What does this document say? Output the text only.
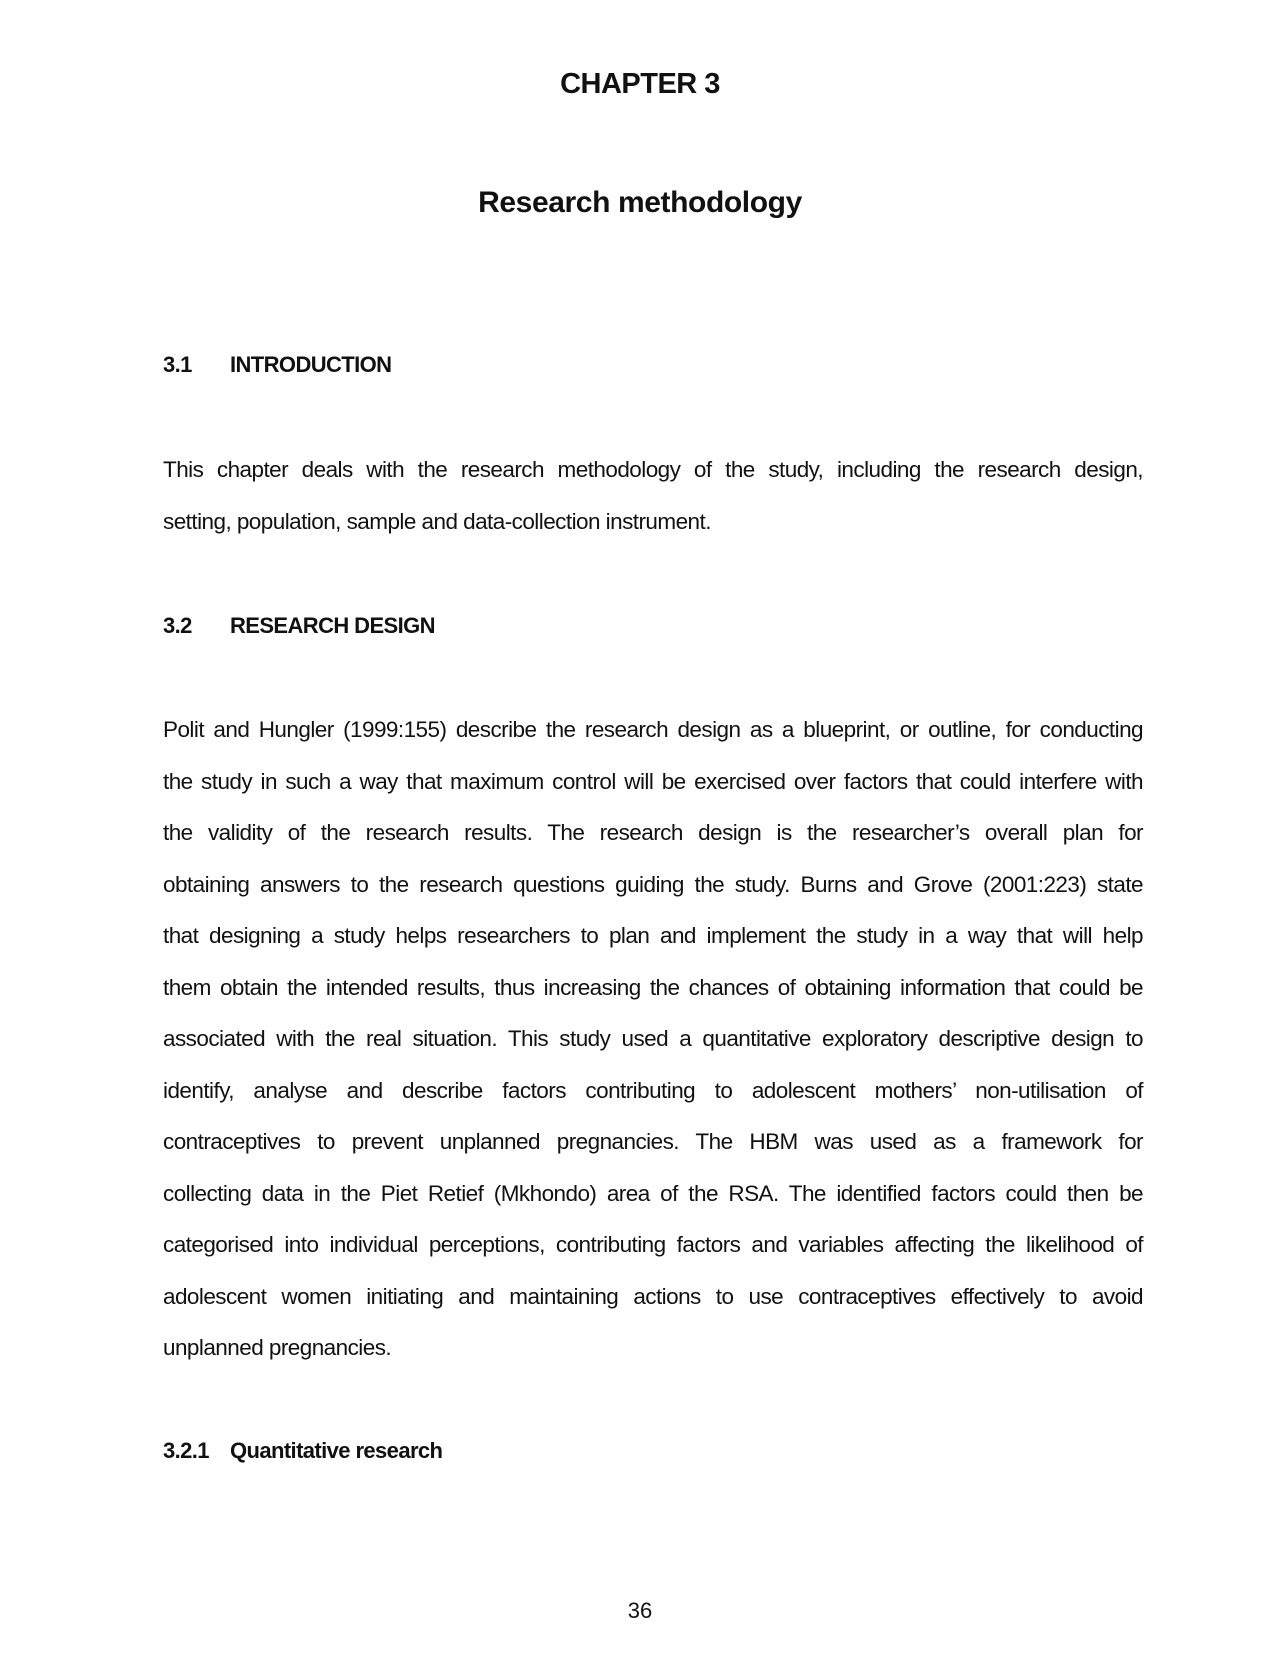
CHAPTER 3
Research methodology
3.1 INTRODUCTION
This chapter deals with the research methodology of the study, including the research design,
setting, population, sample and data-collection instrument.
3.2 RESEARCH DESIGN
Polit and Hungler (1999:155) describe the research design as a blueprint, or outline, for conducting
the study in such a way that maximum control will be exercised over factors that could interfere with
the validity of the research results. The research design is the researcher’s overall plan for
obtaining answers to the research questions guiding the study. Burns and Grove (2001:223) state
that designing a study helps researchers to plan and implement the study in a way that will help
them obtain the intended results, thus increasing the chances of obtaining information that could be
associated with the real situation. This study used a quantitative exploratory descriptive design to
identify, analyse and describe factors contributing to adolescent mothers’ non-utilisation of
contraceptives to prevent unplanned pregnancies. The HBM was used as a framework for
collecting data in the Piet Retief (Mkhondo) area of the RSA. The identified factors could then be
categorised into individual perceptions, contributing factors and variables affecting the likelihood of
adolescent women initiating and maintaining actions to use contraceptives effectively to avoid
unplanned pregnancies.
3.2.1 Quantitative research
36
